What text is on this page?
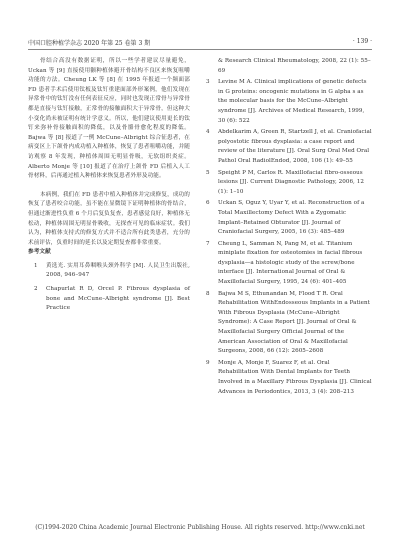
中国口腔种植学杂志 2020 年第 25 卷第 3 期	· 139 ·

骨结合高没有数据证明，所以一些学者建议尽量避免，Uckan 等 [9] 直接使用颧种植体避开骨结构不良区来恢复咀嚼功能的方法。Cheung LK 等 [8] 在 1995 年报道一个频面部 FD 患者手术后使用钛板及钛钉重建面部外形案例，他们发现在异常骨中的钛钉没有任何表征反应，同时也发现正常骨与异常骨都是直接与钛钉接触，正常骨的接触面积大于异常骨，但这种大小变化尚未被证明有统计学意义。所以，他们建议使用更长的钛钉来弥补骨接触面积的降低，以及骨骼骨愈化程度的降低。Bajwa 等 [8] 报道了一例 McCune–Albright 综合征患者，在病变区上下颌骨内成功植入种植体，恢复了患者咀嚼功能，并随访观察 8 年发现，种植体周围无明显骨吸，无软组织炎症。Alberto Monje 等 [10] 报道了在治疗上颌骨 FD 后植入人工骨材料，后再通过植入种植体来恢复患者外形及功能。

本病例，我们在 FD 患者中植入种植体并完成修复，成功的恢复了患者咬合功能，虽不能在显微镜下证明种植体的骨结合，但通过渐进性负重 6 个月后复负复查，患者感觉良好，种植体无松动，种植体周围无明显骨吸收，无探查可见的临床症状。我们认为，种植体支持式的修复方式并不适合所有此类患者，充分的术前评估，负重时间的延长以及定期复查都非常重要。

参考文献

1	黄选光. 实用耳鼻咽喉头颈外科学 [M]. 人民卫生出版社, 2008, 946–947
2	Chapurlat R D, Orcel P. Fibrous dysplasia of bone and McCune–Albright syndrome [J]. Best Practice
& Research Clinical Rheumatology, 2008, 22 (1): 55–69
3	Levine M A. Clinical implications of genetic defects in G proteins: oncogenic mutations in G alpha s as the molecular basis for the McCune–Albright syndrome [J]. Archives of Medical Research, 1999, 30 (6): 522
4	Abdelkarim A, Green R, Startzell J, et al. Craniofacial polyostotic fibrous dysplasia: a case report and review of the literature [J]. Oral Surg Oral Med Oral Pathol Oral RadiolEndod, 2008, 106 (1): 49–55
5	Speight P M, Carlos R. Maxillofacial fibro-osseous lesions [J]. Current Diagnostic Pathology, 2006, 12 (1): 1–10
6	Uckan S, Oguz Y, Uyar Y, et al. Reconstruction of a Total Maxillectomy Defect With a Zygomatic Implant–Retained Obturator [J]. Journal of Craniofacial Surgery, 2005, 16 (3): 485–489
7	Cheung L, Samman N, Pang M, et al. Titanium miniplate fixation for osteotomies in facial fibrous dysplasia—a histologic study of the screw/bone interface [J]. International Journal of Oral & Maxillofacial Surgery, 1995, 24 (6): 401–405
8	Bajwa M S, Ethunandan M, Flood T R. Oral Rehabilitation WithEndosseous Implants in a Patient With Fibrous Dysplasia (McCune–Albright Syndrome): A Case Report [J]. Journal of Oral & Maxillofacial Surgery Official Journal of the American Association of Oral & Maxillofacial Surgeons, 2008, 66 (12): 2605–2608
9	Monje A, Monje F, Suarez F, et al. Oral Rehabilitation With Dental Implants for Teeth Involved in a Maxillary Fibrous Dysplasia [J]. Clinical Advances in Periodontics, 2013, 3 (4): 208–213
(C)1994-2020 China Academic Journal Electronic Publishing House. All rights reserved. http://www.cnki.net
